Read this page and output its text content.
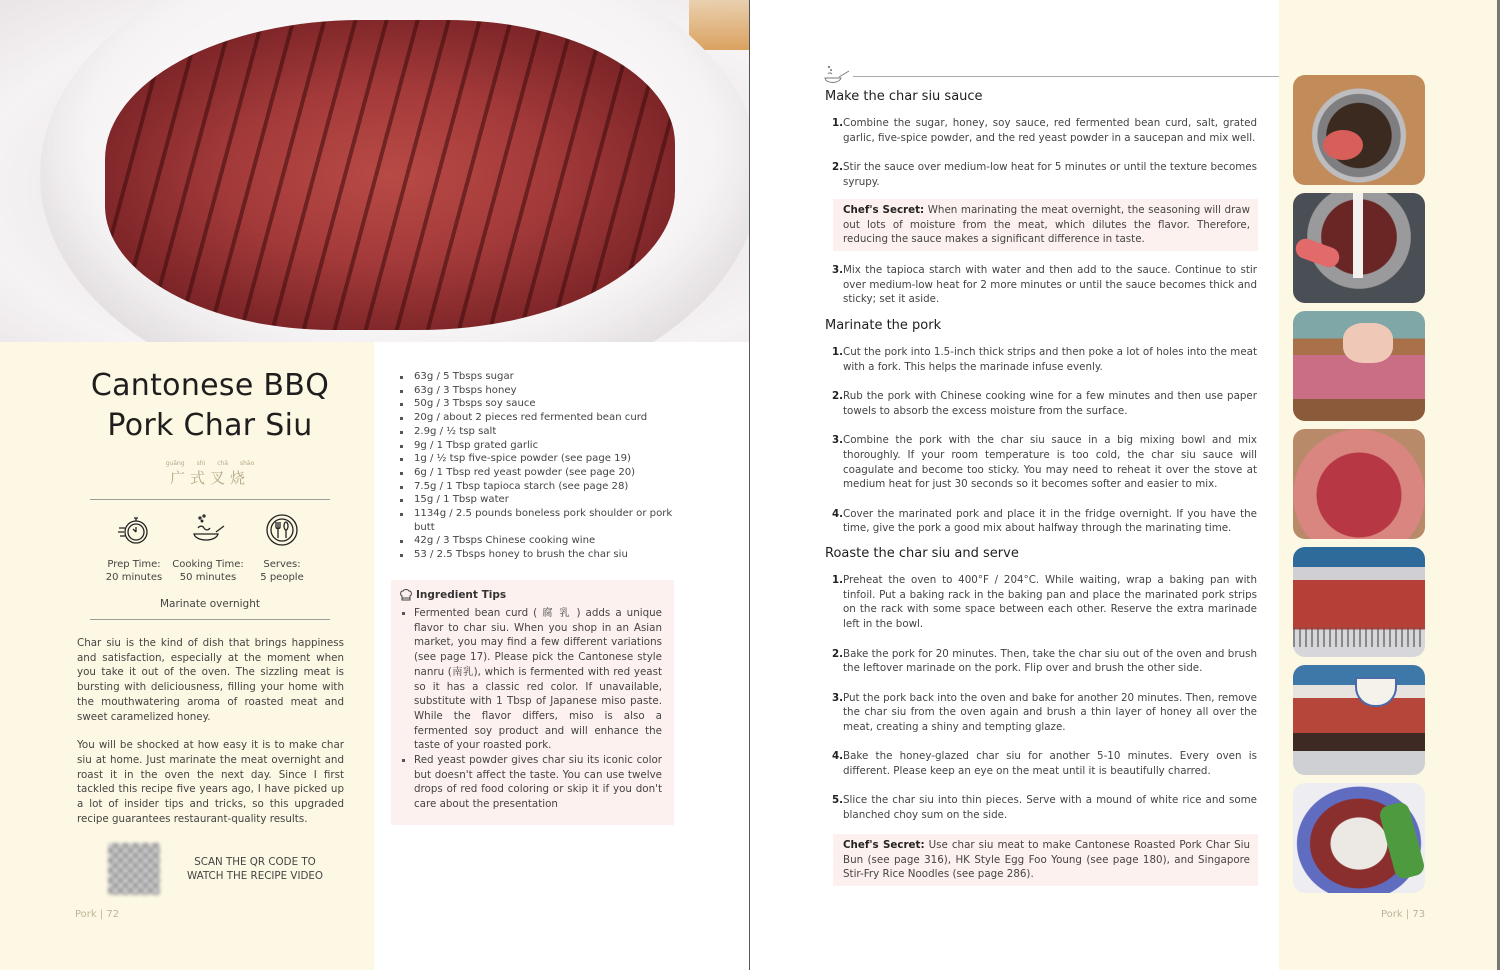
Cantonese BBQ
Pork Char Siu
guǎng shì chā shāo
广式叉烧
Prep Time:
20 minutes
Cooking Time:
50 minutes
Serves:
5 people
Marinate overnight

Char siu is the kind of dish that brings happiness and satisfaction, especially at the moment when you take it out of the oven. The sizzling meat is bursting with deliciousness, filling your home with the mouthwatering aroma of roasted meat and sweet caramelized honey.

You will be shocked at how easy it is to make char siu at home. Just marinate the meat overnight and roast it in the oven the next day. Since I first tackled this recipe five years ago, I have picked up a lot of insider tips and tricks, so this upgraded recipe guarantees restaurant-quality results.

SCAN THE QR CODE TO
WATCH THE RECIPE VIDEO
Pork | 72
63g / 5 Tbsps sugar
63g / 3 Tbsps honey
50g / 3 Tbsps soy sauce
20g / about 2 pieces red fermented bean curd
2.9g / ½ tsp salt
9g / 1 Tbsp grated garlic
1g / ½ tsp five-spice powder (see page 19)
6g / 1 Tbsp red yeast powder (see page 20)
7.5g / 1 Tbsp tapioca starch (see page 28)
15g / 1 Tbsp water
1134g / 2.5 pounds boneless pork shoulder or pork butt
42g / 3 Tbsps Chinese cooking wine
53 / 2.5 Tbsps honey to brush the char siu
Ingredient Tips
Fermented bean curd ( 腐 乳 ) adds a unique flavor to char siu. When you shop in an Asian market, you may find a few different variations (see page 17). Please pick the Cantonese style nanru (南乳), which is fermented with red yeast so it has a classic red color. If unavailable, substitute with 1 Tbsp of Japanese miso paste. While the flavor differs, miso is also a fermented soy product and will enhance the taste of your roasted pork.
Red yeast powder gives char siu its iconic color but doesn't affect the taste. You can use twelve drops of red food coloring or skip it if you don't care about the presentation
Make the char siu sauce
1. Combine the sugar, honey, soy sauce, red fermented bean curd, salt, grated garlic, five-spice powder, and the red yeast powder in a saucepan and mix well.
2. Stir the sauce over medium-low heat for 5 minutes or until the texture becomes syrupy.
Chef's Secret: When marinating the meat overnight, the seasoning will draw out lots of moisture from the meat, which dilutes the flavor. Therefore, reducing the sauce makes a significant difference in taste.
3. Mix the tapioca starch with water and then add to the sauce. Continue to stir over medium-low heat for 2 more minutes or until the sauce becomes thick and sticky; set it aside.
Marinate the pork
1. Cut the pork into 1.5-inch thick strips and then poke a lot of holes into the meat with a fork. This helps the marinade infuse evenly.
2. Rub the pork with Chinese cooking wine for a few minutes and then use paper towels to absorb the excess moisture from the surface.
3. Combine the pork with the char siu sauce in a big mixing bowl and mix thoroughly. If your room temperature is too cold, the char siu sauce will coagulate and become too sticky. You may need to reheat it over the stove at medium heat for just 30 seconds so it becomes softer and easier to mix.
4. Cover the marinated pork and place it in the fridge overnight. If you have the time, give the pork a good mix about halfway through the marinating time.
Roaste the char siu and serve
1. Preheat the oven to 400°F / 204°C. While waiting, wrap a baking pan with tinfoil. Put a baking rack in the baking pan and place the marinated pork strips on the rack with some space between each other. Reserve the extra marinade left in the bowl.
2. Bake the pork for 20 minutes. Then, take the char siu out of the oven and brush the leftover marinade on the pork. Flip over and brush the other side.
3. Put the pork back into the oven and bake for another 20 minutes. Then, remove the char siu from the oven again and brush a thin layer of honey all over the meat, creating a shiny and tempting glaze.
4. Bake the honey-glazed char siu for another 5-10 minutes. Every oven is different. Please keep an eye on the meat until it is beautifully charred.
5. Slice the char siu into thin pieces. Serve with a mound of white rice and some blanched choy sum on the side.
Chef's Secret: Use char siu meat to make Cantonese Roasted Pork Char Siu Bun (see page 316), HK Style Egg Foo Young (see page 180), and Singapore Stir-Fry Rice Noodles (see page 286).
Pork | 73
